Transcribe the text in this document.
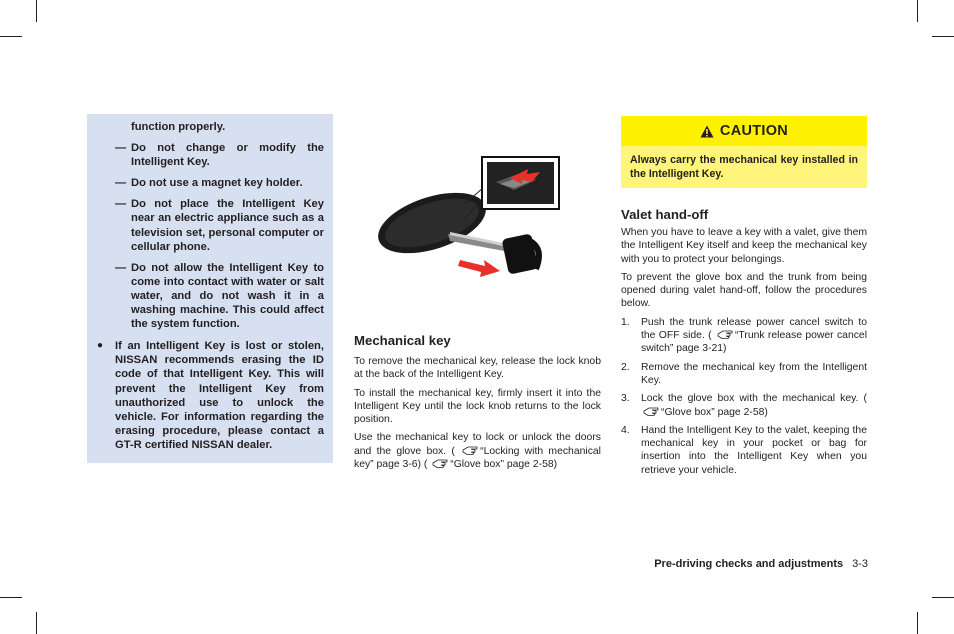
function properly.

— Do not change or modify the Intelligent Key.
— Do not use a magnet key holder.
— Do not place the Intelligent Key near an electric appliance such as a television set, personal computer or cellular phone.
— Do not allow the Intelligent Key to come into contact with water or salt water, and do not wash it in a washing machine. This could affect the system function.
●	If an Intelligent Key is lost or stolen, NISSAN recommends erasing the ID code of that Intelligent Key. This will prevent the Intelligent Key from unauthorized use to unlock the vehicle. For information regarding the erasing procedure, please contact a GT-R certified NISSAN dealer.
Mechanical key

To remove the mechanical key, release the lock knob at the back of the Intelligent Key.

To install the mechanical key, firmly insert it into the Intelligent Key until the lock knob returns to the lock position.

Use the mechanical key to lock or unlock the doors and the glove box. ( “Locking with mechanical key” page 3-6) ( “Glove box” page 2-58)

CAUTION
Always carry the mechanical key installed in the Intelligent Key.
Valet hand-off

When you have to leave a key with a valet, give them the Intelligent Key itself and keep the mechanical key with you to protect your belongings.

To prevent the glove box and the trunk from being opened during valet hand-off, follow the procedures below.

1.	Push the trunk release power cancel switch to the OFF side. ( “Trunk release power cancel switch” page 3-21)
2.	Remove the mechanical key from the Intelligent Key.
3.	Lock the glove box with the mechanical key. ( “Glove box” page 2-58)
4.	Hand the Intelligent Key to the valet, keeping the mechanical key in your pocket or bag for insertion into the Intelligent Key when you retrieve your vehicle.
Pre-driving checks and adjustments 3-3
